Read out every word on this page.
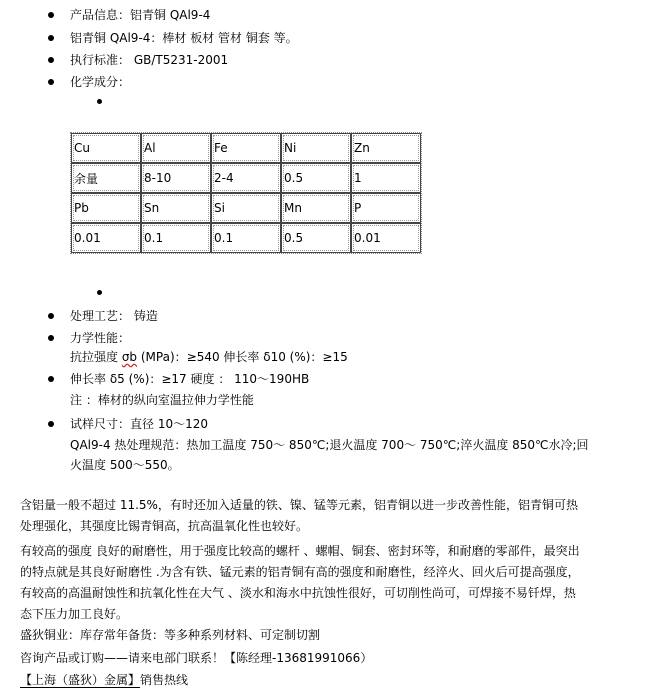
产品信息：铝青铜 QAl9-4
铝青铜 QAl9-4：棒材 板材 管材 铜套 等。
执行标准： GB/T5231-2001
化学成分：
Cu	Al	Fe	Ni	Zn
余量	8-10	2-4	0.5	1
Pb	Sn	Si	Mn	P
0.01	0.1	0.1	0.5	0.01
处理工艺： 铸造
力学性能：
抗拉强度 σb (MPa)：≥540 伸长率 δ10 (%)：≥15
伸长率 δ5 (%)：≥17 硬度 ： 110～190HB
注 ：棒材的纵向室温拉伸力学性能
试样尺寸：直径 10～120
QAl9-4 热处理规范：热加工温度 750～ 850℃;退火温度 700～ 750℃;淬火温度 850℃水冷;回
火温度 500～550。
含铝量一般不超过 11.5%，有时还加入适量的铁、镍、锰等元素，铝青铜以进一步改善性能，铝青铜可热
处理强化，其强度比锡青铜高，抗高温氧化性也较好。
有较高的强度 良好的耐磨性，用于强度比较高的螺杆 、螺帽、铜套、密封环等，和耐磨的零部件，最突出
的特点就是其良好耐磨性 .为含有铁、锰元素的铝青铜有高的强度和耐磨性，经淬火、回火后可提高强度，
有较高的高温耐蚀性和抗氧化性在大气 、淡水和海水中抗蚀性很好，可切削性尚可，可焊接不易钎焊，热
态下压力加工良好。
盛狄铜业：库存常年备货：等多种系列材料、可定制切割
咨询产品或订购——请来电部门联系！【陈经理-13681991066）
【上海（盛狄）金属】销售热线
